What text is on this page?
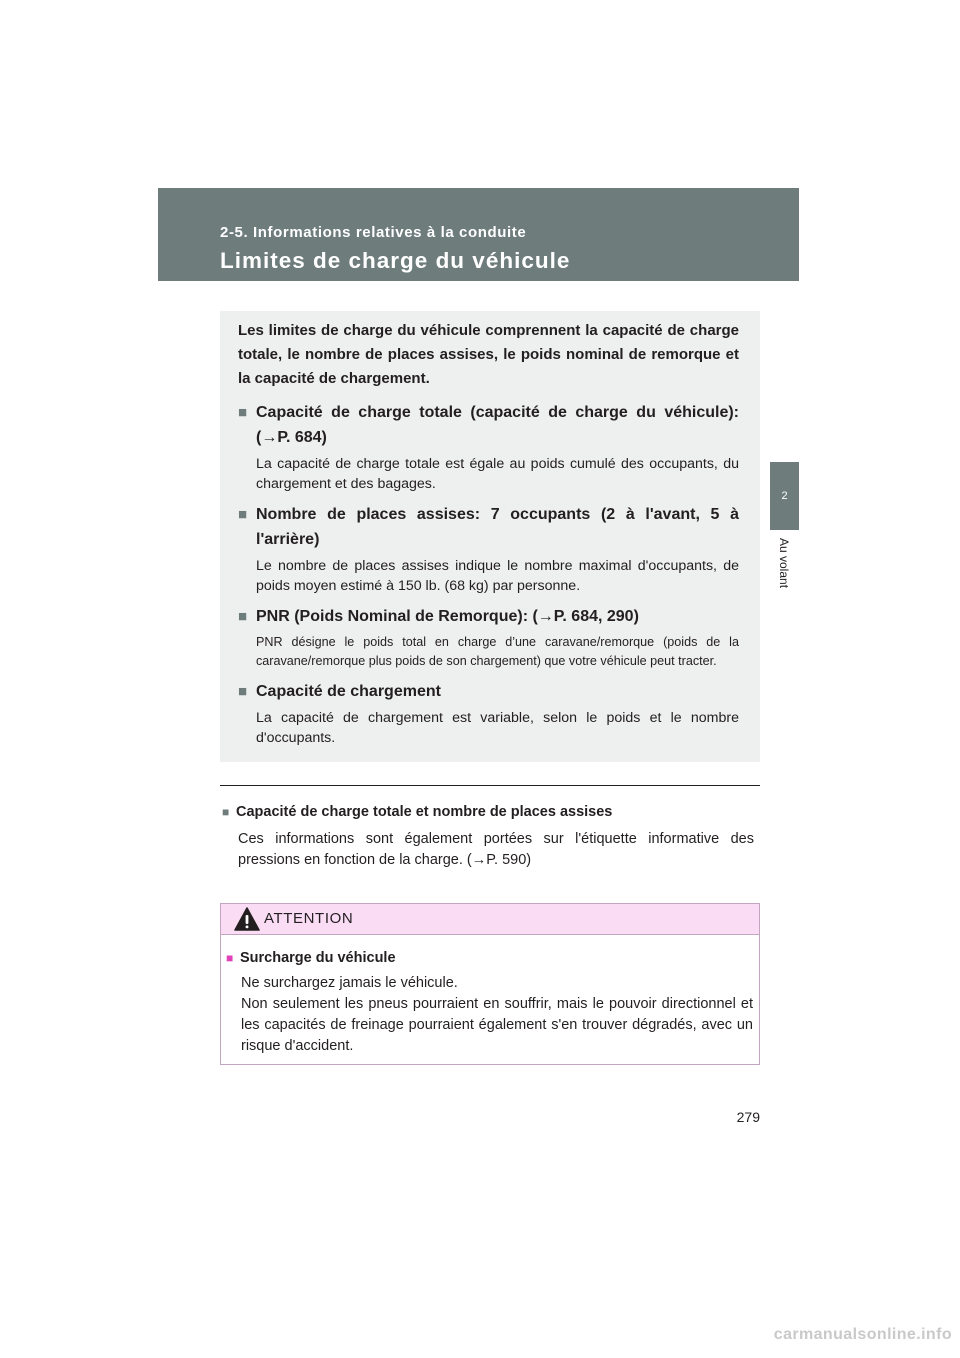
2-5. Informations relatives à la conduite
Limites de charge du véhicule
2
Au volant

Les limites de charge du véhicule comprennent la capacité de charge totale, le nombre de places assises, le poids nominal de remorque et la capacité de chargement.

■ Capacité de charge totale (capacité de charge du véhicule): (→P. 684)
La capacité de charge totale est égale au poids cumulé des occupants, du chargement et des bagages.
■ Nombre de places assises: 7 occupants (2 à l'avant, 5 à l'arrière)
Le nombre de places assises indique le nombre maximal d'occupants, de poids moyen estimé à 150 lb. (68 kg) par personne.
■ PNR (Poids Nominal de Remorque): (→P. 684, 290)
PNR désigne le poids total en charge d’une caravane/remorque (poids de la caravane/remorque plus poids de son chargement) que votre véhicule peut tracter.
■ Capacité de chargement
La capacité de chargement est variable, selon le poids et le nombre d'occupants.
■ Capacité de charge totale et nombre de places assises
Ces informations sont également portées sur l'étiquette informative des pressions en fonction de la charge. (→P. 590)
ATTENTION
■ Surcharge du véhicule
Ne surchargez jamais le véhicule.
Non seulement les pneus pourraient en souffrir, mais le pouvoir directionnel et les capacités de freinage pourraient également s'en trouver dégradés, avec un risque d'accident.
279
carmanualsonline.info
